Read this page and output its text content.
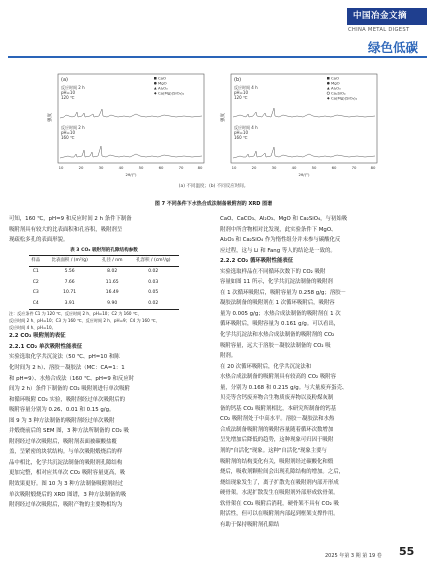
中国冶金文摘
CHINA METAL DIGEST
绿色低碳
(a)
反应时间 2 h
pH=10
120 ℃
反应时间 2 h
pH=10
160 ℃
CaO
MgO
Al₂O₃
Ca(Mg)(SiO₃)₂
强度
10	20	30	40	50	60	70	80
2θ/(°)
(b)
反应时间 4 h
pH=10
120 ℃
反应时间 4 h
pH=10
160 ℃
CaO
MgO
Al₂O₃
Ca₂SiO₄
Ca(Mg)(SiO₃)₂
强度
10	20	30	40	50	60	70	80
2θ/(°)
(a) 不同温度；(b) 不同反应时间。
图 7 不同条件下水热合成法制备吸附剂的 XRD 图谱

可知，160 ℃，pH=9 和反应时间 2 h 条件下制备

吸附剂具有较大的比表面积和孔容积，吸附剂呈

现疏松多孔的表面形貌。

表 3 CO₂ 吸附剂的孔隙结构参数
样品	比表面积 / (m²/g)	孔径 / nm	孔容积 / (cm³/g)
C1	5.56	8.02	0.02
C2	7.66	11.65	0.03
C3	10.71	16.49	0.05
C4	3.91	9.90	0.02
注：反应条件 C1 为 120 ℃、反应时间 2 h、pH=10；C2 为 160 ℃、
反应时间 2 h、pH=10；C3 为 160 ℃、反应时间 2 h、pH=9；C4 为 160 ℃、
反应时间 4 h、pH=10。

2.2 CO₂ 吸附剂的表征

2.2.1 CO₂ 单次吸附性能表征

实验选取化学共沉淀法（50 ℃、pH=10 和陈

化时间为 2 h）、溶胶－凝胶法（MC：CA=1：1

和 pH=9）、水热合成法（160 ℃、pH=9 和反应时

间为 2 h）条件下制备的 CO₂ 吸附剂进行单次吸附

和循环吸附 CO₂ 实验，吸附剂经过单次吸附后的

吸附容量分别为 0.26、0.01 和 0.15 g/g。

图 9 为 3 种方法制备的吸附剂经过单次吸附

并煅烧前后的 SEM 图，3 种方法所制备的 CO₂ 吸

附剂经过单次吸附后，吸附剂表面被碳酸盐覆

盖，呈紧密的块状结构。与单次吸附煅烧后的样

品中相比，化学共沉淀法制备的吸附剂孔隙结构

更加完整，相对应其单次 CO₂ 吸附容量更高，吸

附效果更好。图 10 为 3 种方法制备吸附剂经过

单次吸附煅烧后的 XRD 图谱，3 种方法制备的吸

附剂经过单次吸附后，吸附产物的主要物相均为

CaO、CaCO₃、Al₂O₃、MgO 和 Ca₂SiO₄，与初始吸

附剂中所含物相对比发现，此实验条件下 MgO、

Al₂O₃ 和 Ca₂SiO₄ 作为惰性组分并未参与碳酸化反

应过程，这与 Li 和 Fang 等人的结论是一致的。

2.2.2 CO₂ 循环吸附性能表征

实验选取样品在不同循环次数下的 CO₂ 吸附

容量如图 11 所示，化学共沉淀法制备的吸附剂

在 1 次循环吸附后，吸附容量为 0.258 g/g；溶胶－

凝胶法制备的吸附剂在 1 次循环吸附后，吸附容

量为 0.005 g/g；水热合成法制备的吸附剂在 1 次

循环吸附后，吸附容量为 0.161 g/g。可以看出，

化学共沉淀法和水热合成法制备的吸附剂的 CO₂

吸附容量，远大于溶胶－凝胶法制备的 CO₂ 吸

附剂。

在 20 次循环吸附后，化学共沉淀法和

水热合成法制备的吸附剂具有较高的 CO₂ 吸附容

量，分别为 0.168 和 0.215 g/g。与大量废弃蛋壳、

贝壳等含钙废弃物合生物质废弃物以及粉煤灰制

备的钙基 CO₂ 吸附剂相比，本研究所制备的钙基

CO₂ 吸附剂处于中高水平。溶胶－凝胶法和水热

合成法制备吸附剂的吸附容量随着循环次数增加

呈先增加后降低的趋势，这种现象可归因于吸附

剂的"自活化"现象。这种"自活化"现象主要与

吸附剂的结构变化有关，吸附剂经过碳酸化和煅

烧后，吸收剂颗粒间会出现孔隙结构的增加。之后，

烧结现象发生了，离子扩散先在吸附剂内部开形成

硬骨架。水泥扩散发生在吸附剂外部形成软骨架。

软骨架在 CO₂ 吸附后消耗，硬骨架不具有 CO₂ 吸

附活性，但可以在吸附剂内部起到框架支撑作用。

有助于保持吸附剂孔隙结

2025 年第 3 期 第 19 卷 55
